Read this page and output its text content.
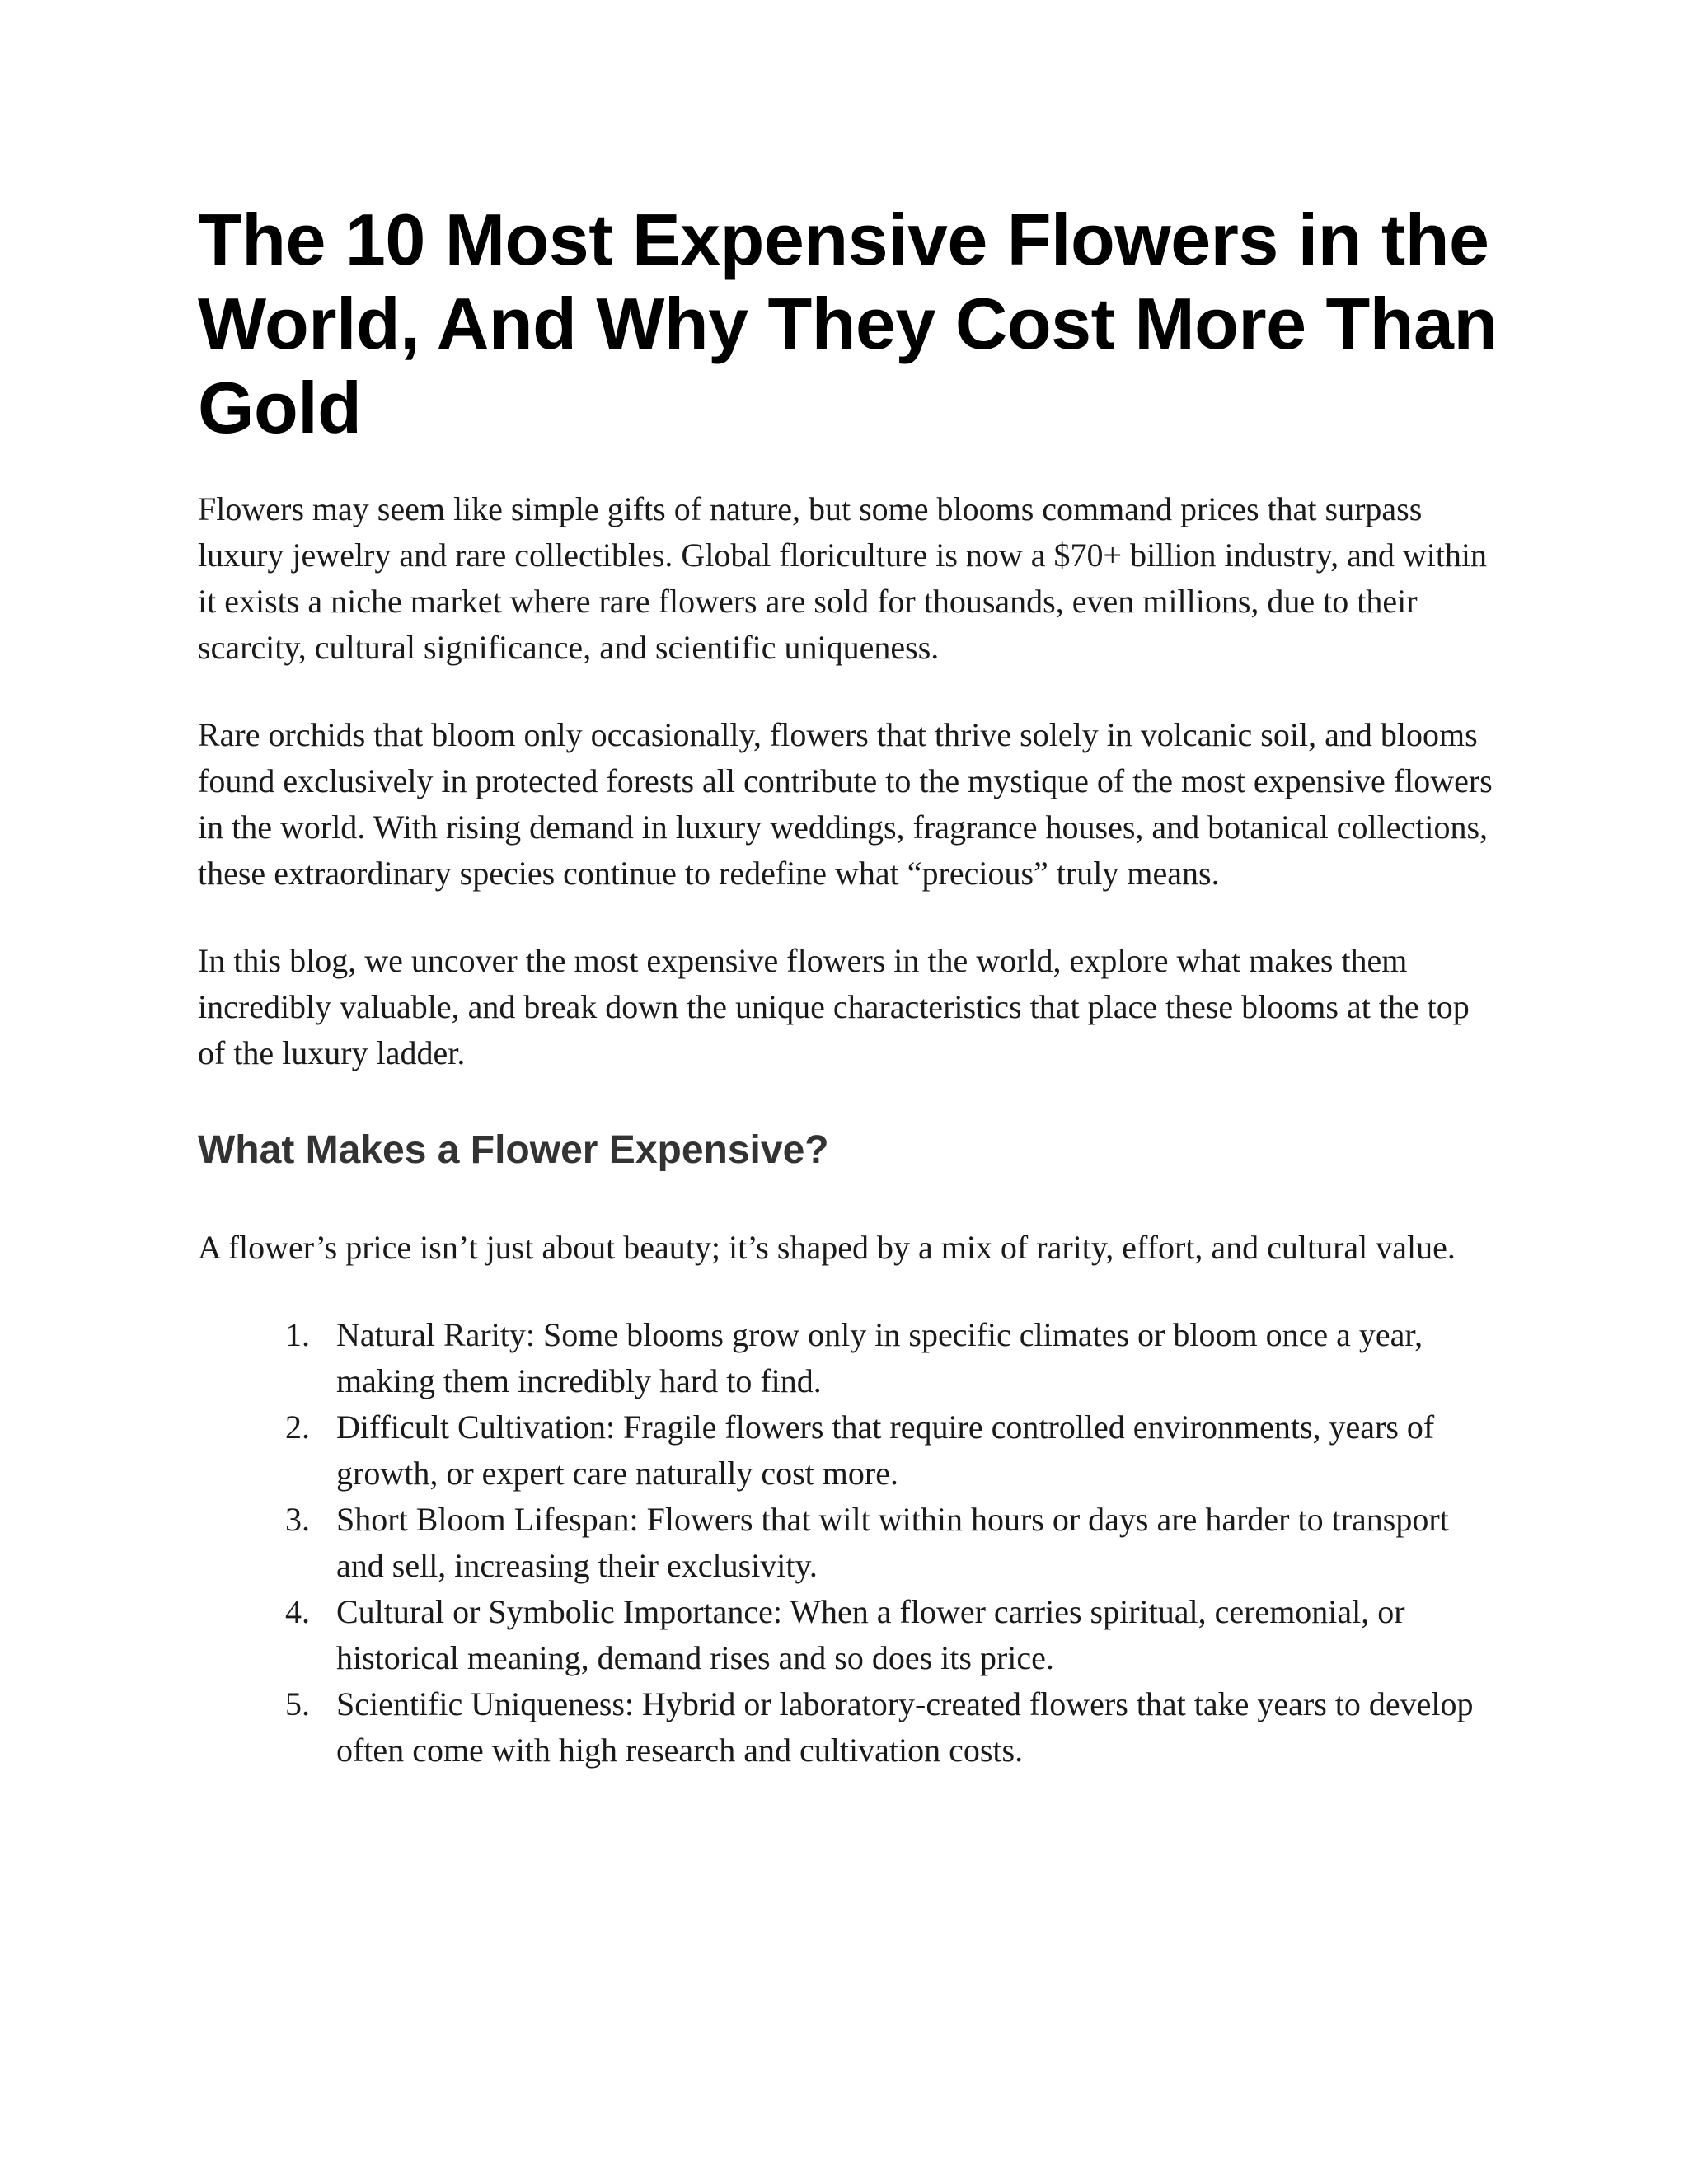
The 10 Most Expensive Flowers in the World, And Why They Cost More Than Gold

Flowers may seem like simple gifts of nature, but some blooms command prices that surpass luxury jewelry and rare collectibles. Global floriculture is now a $70+ billion industry, and within it exists a niche market where rare flowers are sold for thousands, even millions, due to their scarcity, cultural significance, and scientific uniqueness.

Rare orchids that bloom only occasionally, flowers that thrive solely in volcanic soil, and blooms found exclusively in protected forests all contribute to the mystique of the most expensive flowers in the world. With rising demand in luxury weddings, fragrance houses, and botanical collections, these extraordinary species continue to redefine what “precious” truly means.

In this blog, we uncover the most expensive flowers in the world, explore what makes them incredibly valuable, and break down the unique characteristics that place these blooms at the top of the luxury ladder.

What Makes a Flower Expensive?

A flower’s price isn’t just about beauty; it’s shaped by a mix of rarity, effort, and cultural value.

1. Natural Rarity: Some blooms grow only in specific climates or bloom once a year, making them incredibly hard to find.
2. Difficult Cultivation: Fragile flowers that require controlled environments, years of growth, or expert care naturally cost more.
3. Short Bloom Lifespan: Flowers that wilt within hours or days are harder to transport and sell, increasing their exclusivity.
4. Cultural or Symbolic Importance: When a flower carries spiritual, ceremonial, or historical meaning, demand rises and so does its price.
5. Scientific Uniqueness: Hybrid or laboratory-created flowers that take years to develop often come with high research and cultivation costs.
